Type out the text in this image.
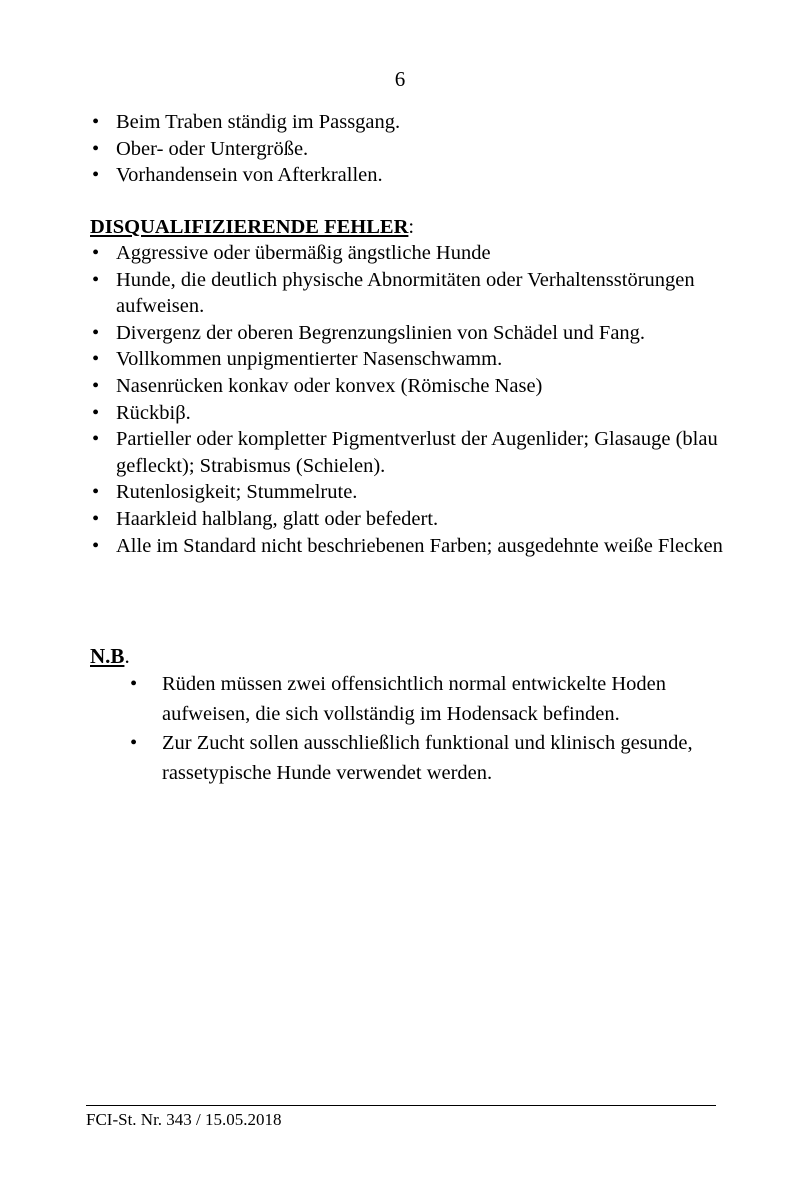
6
• Beim Traben ständig im Passgang.
• Ober- oder Untergröße.
• Vorhandensein von Afterkrallen.

DISQUALIFIZIERENDE FEHLER:

• Aggressive oder übermäßig ängstliche Hunde
• Hunde, die deutlich physische Abnormitäten oder Verhaltensstörungen aufweisen.
• Divergenz der oberen Begrenzungslinien von Schädel und Fang.
• Vollkommen unpigmentierter Nasenschwamm.
• Nasenrücken konkav oder konvex (Römische Nase)
• Rückbiβ.
• Partieller oder kompletter Pigmentverlust der Augenlider; Glasauge (blau gefleckt); Strabismus (Schielen).
• Rutenlosigkeit; Stummelrute.
• Haarkleid halblang, glatt oder befedert.
• Alle im Standard nicht beschriebenen Farben; ausgedehnte weiße Flecken

N.B.

• Rüden müssen zwei offensichtlich normal entwickelte Hoden aufweisen, die sich vollständig im Hodensack befinden.
• Zur Zucht sollen ausschließlich funktional und klinisch gesunde, rassetypische Hunde verwendet werden.
FCI-St. Nr. 343 / 15.05.2018
